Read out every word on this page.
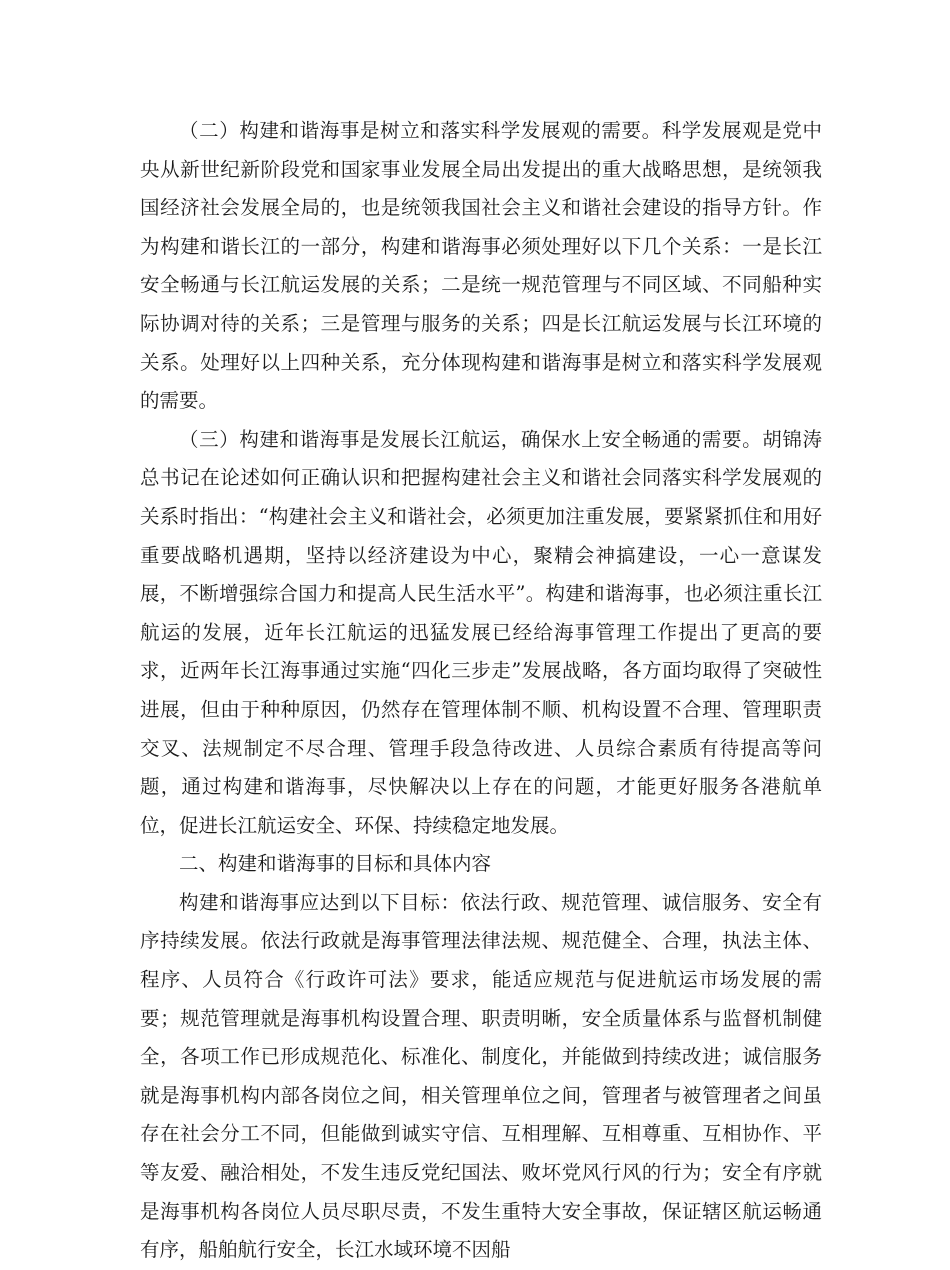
（二）构建和谐海事是树立和落实科学发展观的需要。科学发展观是党中央从新世纪新阶段党和国家事业发展全局出发提出的重大战略思想，是统领我国经济社会发展全局的，也是统领我国社会主义和谐社会建设的指导方针。作为构建和谐长江的一部分，构建和谐海事必须处理好以下几个关系：一是长江安全畅通与长江航运发展的关系；二是统一规范管理与不同区域、不同船种实际协调对待的关系；三是管理与服务的关系；四是长江航运发展与长江环境的关系。处理好以上四种关系，充分体现构建和谐海事是树立和落实科学发展观的需要。

（三）构建和谐海事是发展长江航运，确保水上安全畅通的需要。胡锦涛总书记在论述如何正确认识和把握构建社会主义和谐社会同落实科学发展观的关系时指出：“构建社会主义和谐社会，必须更加注重发展，要紧紧抓住和用好重要战略机遇期，坚持以经济建设为中心，聚精会神搞建设，一心一意谋发展，不断增强综合国力和提高人民生活水平”。构建和谐海事，也必须注重长江航运的发展，近年长江航运的迅猛发展已经给海事管理工作提出了更高的要求，近两年长江海事通过实施“四化三步走”发展战略，各方面均取得了突破性进展，但由于种种原因，仍然存在管理体制不顺、机构设置不合理、管理职责交叉、法规制定不尽合理、管理手段急待改进、人员综合素质有待提高等问题，通过构建和谐海事，尽快解决以上存在的问题，才能更好服务各港航单位，促进长江航运安全、环保、持续稳定地发展。

二、构建和谐海事的目标和具体内容

构建和谐海事应达到以下目标：依法行政、规范管理、诚信服务、安全有序持续发展。依法行政就是海事管理法律法规、规范健全、合理，执法主体、程序、人员符合《行政许可法》要求，能适应规范与促进航运市场发展的需要；规范管理就是海事机构设置合理、职责明晰，安全质量体系与监督机制健全，各项工作已形成规范化、标准化、制度化，并能做到持续改进；诚信服务就是海事机构内部各岗位之间，相关管理单位之间，管理者与被管理者之间虽存在社会分工不同，但能做到诚实守信、互相理解、互相尊重、互相协作、平等友爱、融洽相处，不发生违反党纪国法、败坏党风行风的行为；安全有序就是海事机构各岗位人员尽职尽责，不发生重特大安全事故，保证辖区航运畅通有序，船舶航行安全，长江水域环境不因船
